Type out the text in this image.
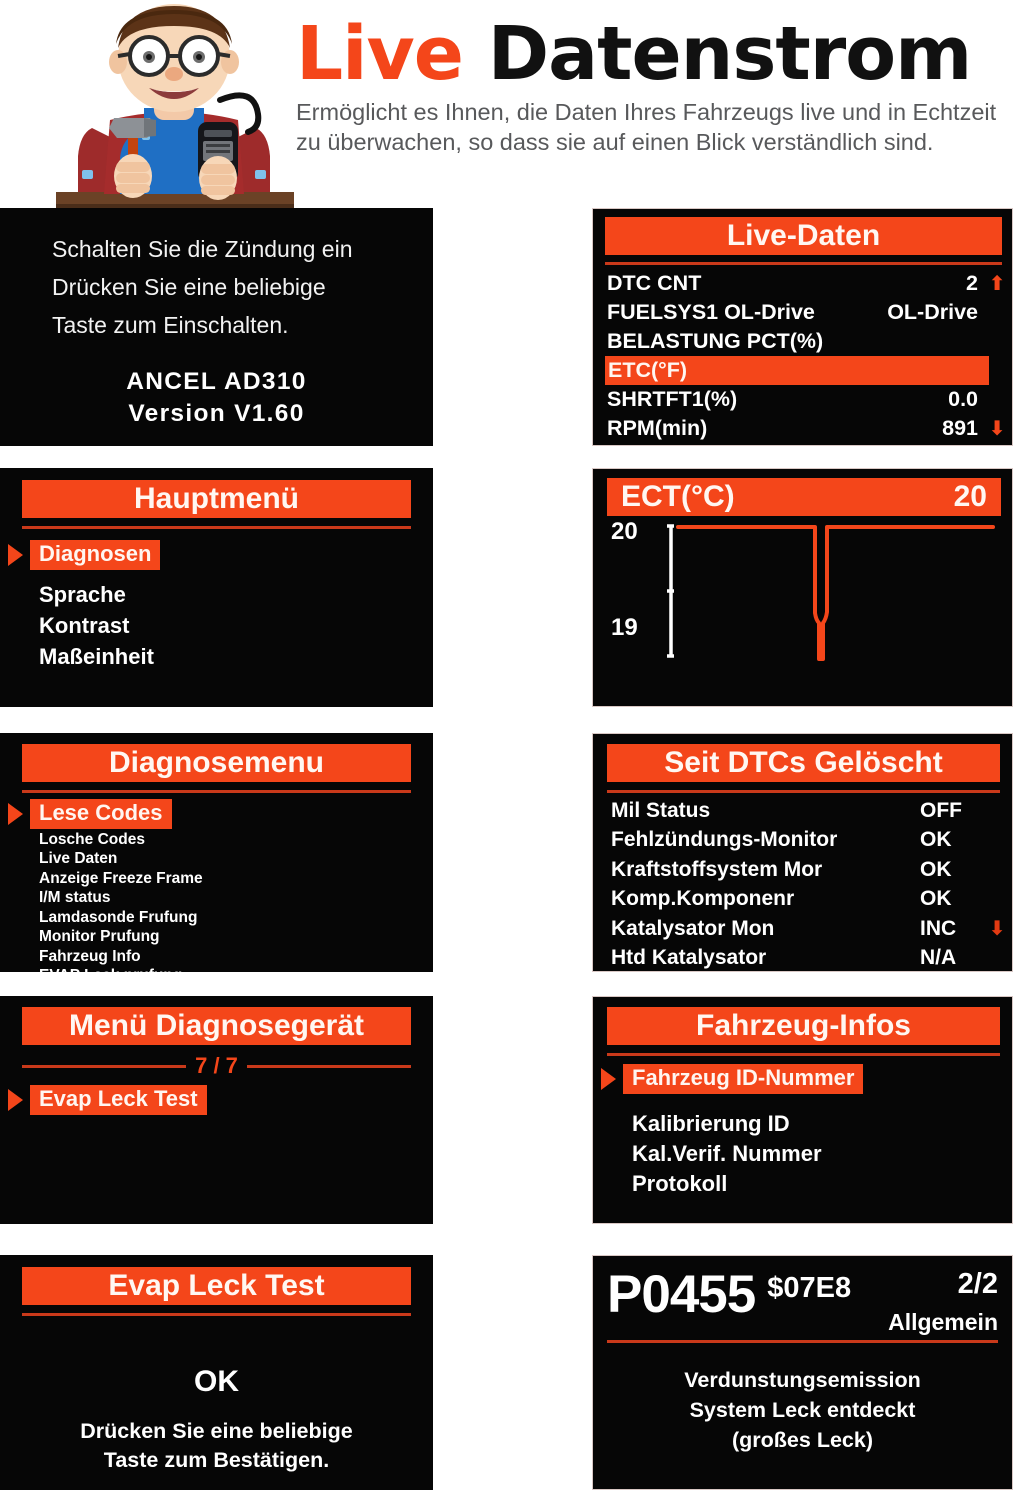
Live Datenstrom
Ermöglicht es Ihnen, die Daten Ihres Fahrzeugs live und in Echtzeit zu überwachen, so dass sie auf einen Blick verständlich sind.
Schalten Sie die Zündung ein
Drücken Sie eine beliebige
Taste zum Einschalten.
ANCEL AD310
Version V1.60
Live-Daten
DTC CNT	2 ⬆
FUELSYS1 OL-Drive	OL-Drive
BELASTUNG PCT(%)
ETC(°F)
SHRTFT1(%)	0.0
RPM(min)	891 ⬇
Hauptmenü
Diagnosen
Sprache
Kontrast
Maßeinheit
ECT(°C)	20
20
19
Diagnosemenu
Lese Codes
Losche Codes
Live Daten
Anzeige Freeze Frame
I/M status
Lamdasonde Frufung
Monitor Prufung
Fahrzeug Info
EVAP Leck prufung
Seit DTCs Gelöscht
Mil Status	OFF
Fehlzündungs-Monitor	OK
Kraftstoffsystem Mor	OK
Komp.Komponenr	OK
Katalysator Mon	INC	⬇
Htd Katalysator	N/A
Menü Diagnosegerät
7 / 7
Evap Leck Test
Fahrzeug-Infos
Fahrzeug ID-Nummer
Kalibrierung ID
Kal.Verif. Nummer
Protokoll
Evap Leck Test
OK
Drücken Sie eine beliebige
Taste zum Bestätigen.
P0455 $07E8	2/2
Allgemein
Verdunstungsemission
System Leck entdeckt
(großes Leck)
